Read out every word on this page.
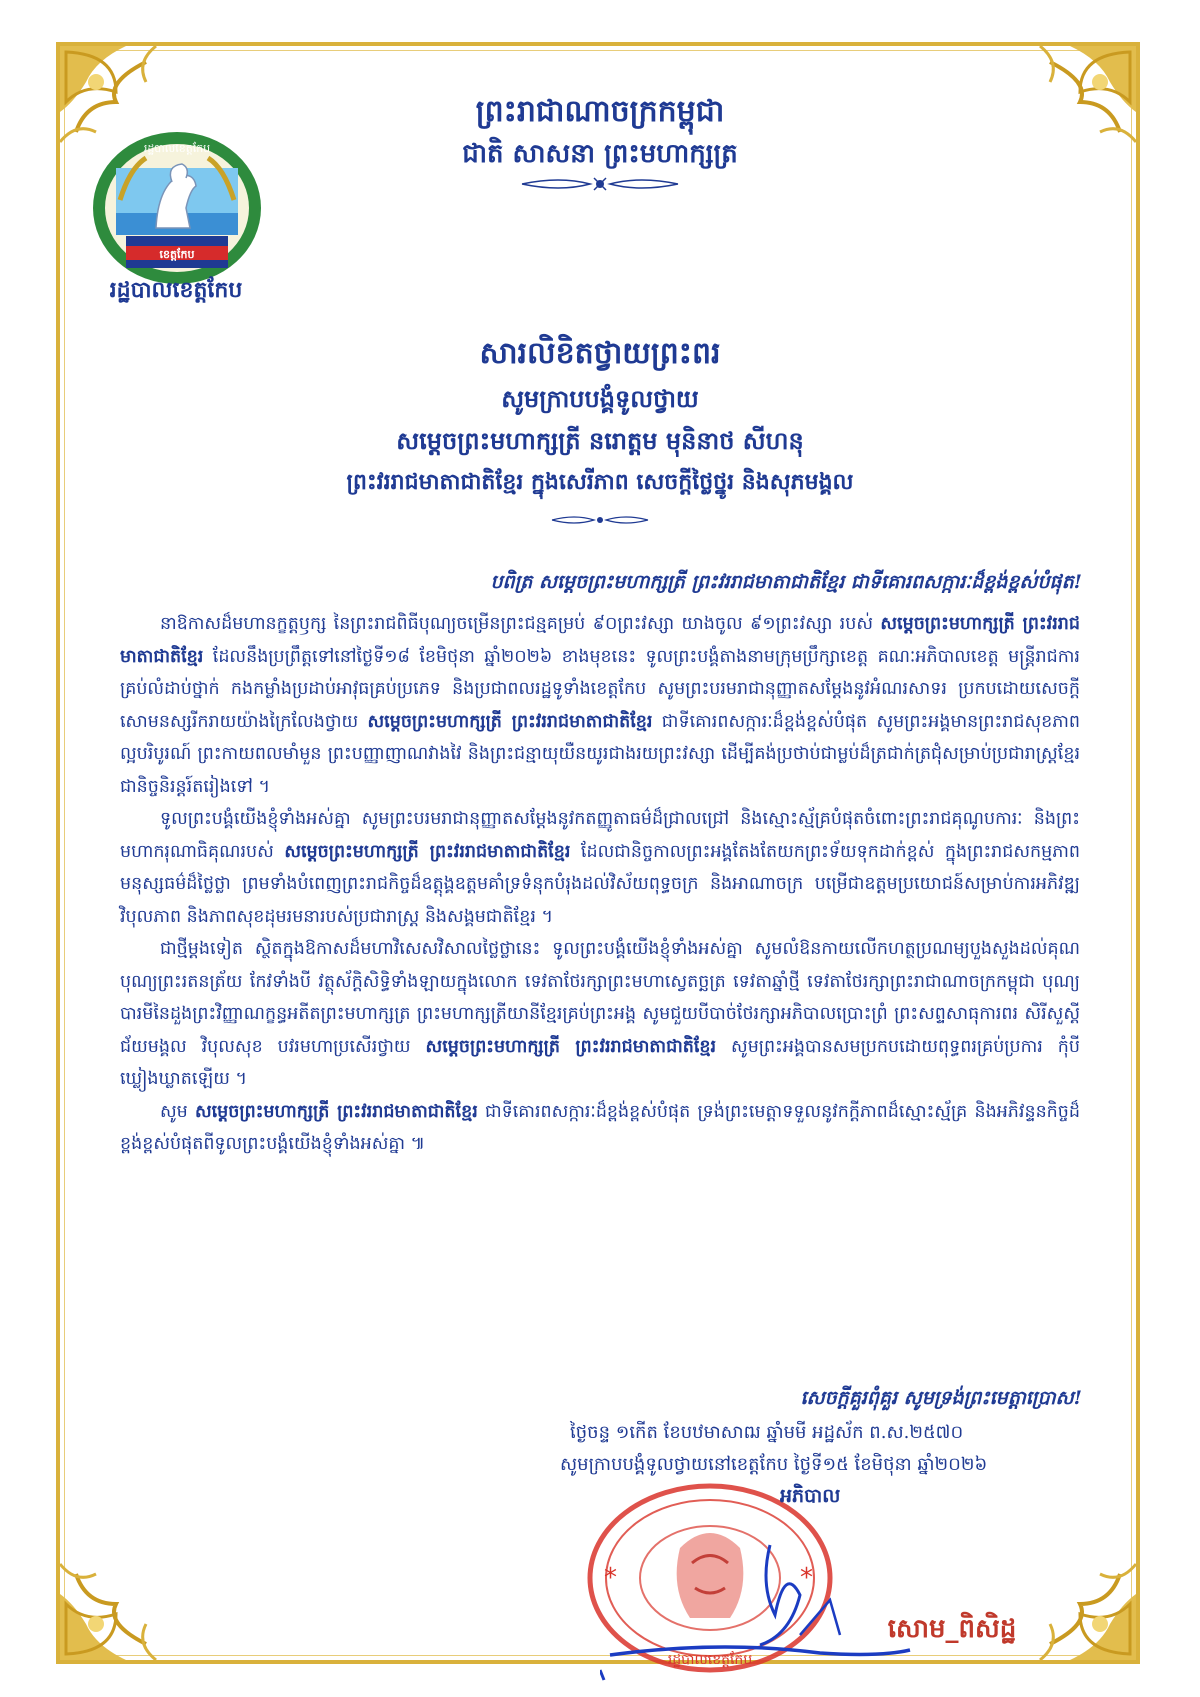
ព្រះរាជាណាចក្រកម្ពុជា
ជាតិ សាសនា ព្រះមហាក្សត្រ
រដ្ឋបាលខេត្តកែប
ខេត្តកែប
រដ្ឋបាលខេត្តកែប
សារលិខិតថ្វាយព្រះពរ
សូមក្រាបបង្គំទូលថ្វាយ
សម្តេចព្រះមហាក្សត្រី នរោត្តម មុនិនាថ សីហនុ
ព្រះវររាជមាតាជាតិខ្មែរ ក្នុងសេរីភាព សេចក្តីថ្លៃថ្នូរ និងសុភមង្គល
បពិត្រ សម្តេចព្រះមហាក្សត្រី ព្រះវររាជមាតាជាតិខ្មែរ ជាទីគោរពសក្ការៈដ៏ខ្ពង់ខ្ពស់បំផុត!

នាឱកាសដ៏មហានក្ខត្តឫក្ស នៃព្រះរាជពិធីបុណ្យចម្រើនព្រះជន្មគម្រប់ ៩០ព្រះវស្សា យាងចូល ៩១ព្រះវស្សា របស់ សម្តេចព្រះមហាក្សត្រី ព្រះវររាជមាតាជាតិខ្មែរ ដែលនឹងប្រព្រឹត្តទៅនៅថ្ងៃទី១៨ ខែមិថុនា ឆ្នាំ២០២៦ ខាងមុខនេះ ទូលព្រះបង្គំតាងនាមក្រុមប្រឹក្សាខេត្ត គណៈអភិបាលខេត្ត មន្ត្រីរាជការគ្រប់លំដាប់ថ្នាក់ កងកម្លាំងប្រដាប់អាវុធគ្រប់ប្រភេទ និងប្រជាពលរដ្ឋទូទាំងខេត្តកែប សូមព្រះបរមរាជានុញ្ញាតសម្តែងនូវអំណរសាទរ ប្រកបដោយសេចក្តីសោមនស្សរីករាយយ៉ាងក្រៃលែងថ្វាយ សម្តេចព្រះមហាក្សត្រី ព្រះវររាជមាតាជាតិខ្មែរ ជាទីគោរពសក្ការៈដ៏ខ្ពង់ខ្ពស់បំផុត សូមព្រះអង្គមានព្រះរាជសុខភាពល្អបរិបូរណ៍ ព្រះកាយពលមាំមួន ព្រះបញ្ញាញាណវាងវៃ និងព្រះជន្មាយុយឺនយូរជាងរយព្រះវស្សា ដើម្បីគង់ប្រថាប់ជាម្លប់ដ៏ត្រជាក់ត្រជុំសម្រាប់ប្រជារាស្ត្រខ្មែរ ជានិច្ចនិរន្តរ៍តរៀងទៅ ។

ទូលព្រះបង្គំយើងខ្ញុំទាំងអស់គ្នា សូមព្រះបរមរាជានុញ្ញាតសម្តែងនូវកតញ្ញូតាធម៌ដ៏ជ្រាលជ្រៅ និងស្មោះស្ម័គ្របំផុតចំពោះព្រះរាជគុណូបការៈ និងព្រះមហាករុណាធិគុណរបស់ សម្តេចព្រះមហាក្សត្រី ព្រះវររាជមាតាជាតិខ្មែរ ដែលជានិច្ចកាលព្រះអង្គតែងតែយកព្រះទ័យទុកដាក់ខ្ពស់ ក្នុងព្រះរាជសកម្មភាពមនុស្សធម៌ដ៏ថ្លៃថ្លា ព្រមទាំងបំពេញព្រះរាជកិច្ចដ៏ឧត្តុង្គឧត្តមគាំទ្រទំនុកបំរុងដល់វិស័យពុទ្ធចក្រ និងអាណាចក្រ បម្រើជាឧត្តមប្រយោជន៍សម្រាប់ការអភិវឌ្ឍ វិបុលភាព និងភាពសុខដុមរមនារបស់ប្រជារាស្ត្រ និងសង្គមជាតិខ្មែរ ។

ជាថ្មីម្តងទៀត ស្ថិតក្នុងឱកាសដ៏មហាវិសេសវិសាលថ្លៃថ្លានេះ ទូលព្រះបង្គំយើងខ្ញុំទាំងអស់គ្នា សូមលំឱនកាយលើកហត្ថប្រណម្យបួងសួងដល់គុណបុណ្យព្រះរតនត្រ័យ កែវទាំងបី វត្ថុស័ក្តិសិទ្ធិទាំងឡាយក្នុងលោក ទេវតាថែរក្សាព្រះមហាស្វេតច្ឆត្រ ទេវតាឆ្នាំថ្មី ទេវតាថែរក្សាព្រះរាជាណាចក្រកម្ពុជា បុណ្យបារមីនៃដួងព្រះវិញ្ញាណក្ខន្ធអតីតព្រះមហាក្សត្រ ព្រះមហាក្សត្រីយានីខ្មែរគ្រប់ព្រះអង្គ សូមជួយបីបាច់ថែរក្សាអភិបាលប្រោះព្រំ ព្រះសព្ទសាធុការពរ សិរីសួស្តី ជ័យមង្គល វិបុលសុខ បវរមហាប្រសើរថ្វាយ សម្តេចព្រះមហាក្សត្រី ព្រះវររាជមាតាជាតិខ្មែរ សូមព្រះអង្គបានសមប្រកបដោយពុទ្ធពរគ្រប់ប្រការ កុំបីឃ្លៀងឃ្លាតឡើយ ។

សូម សម្តេចព្រះមហាក្សត្រី ព្រះវររាជមាតាជាតិខ្មែរ ជាទីគោរពសក្ការៈដ៏ខ្ពង់ខ្ពស់បំផុត ទ្រង់ព្រះមេត្តាទទួលនូវកក្តីភាពដ៏ស្មោះស្ម័គ្រ និងអភិវន្ទនកិច្ចដ៏ខ្ពង់ខ្ពស់បំផុតពីទូលព្រះបង្គំយើងខ្ញុំទាំងអស់គ្នា ៕

សេចក្តីគួរពុំគួរ សូមទ្រង់ព្រះមេត្តាប្រោស!
ថ្ងៃចន្ទ ១កើត ខែបឋមាសាឍ ឆ្នាំមមី អដ្ឋស័ក ព.ស.២៥៧០
សូមក្រាបបង្គំទូលថ្វាយនៅខេត្តកែប ថ្ងៃទី១៥ ខែមិថុនា ឆ្នាំ២០២៦
*	*
រដ្ឋបាលខេត្តកែប
អភិបាល
សោម_ពិសិដ្ឋ
